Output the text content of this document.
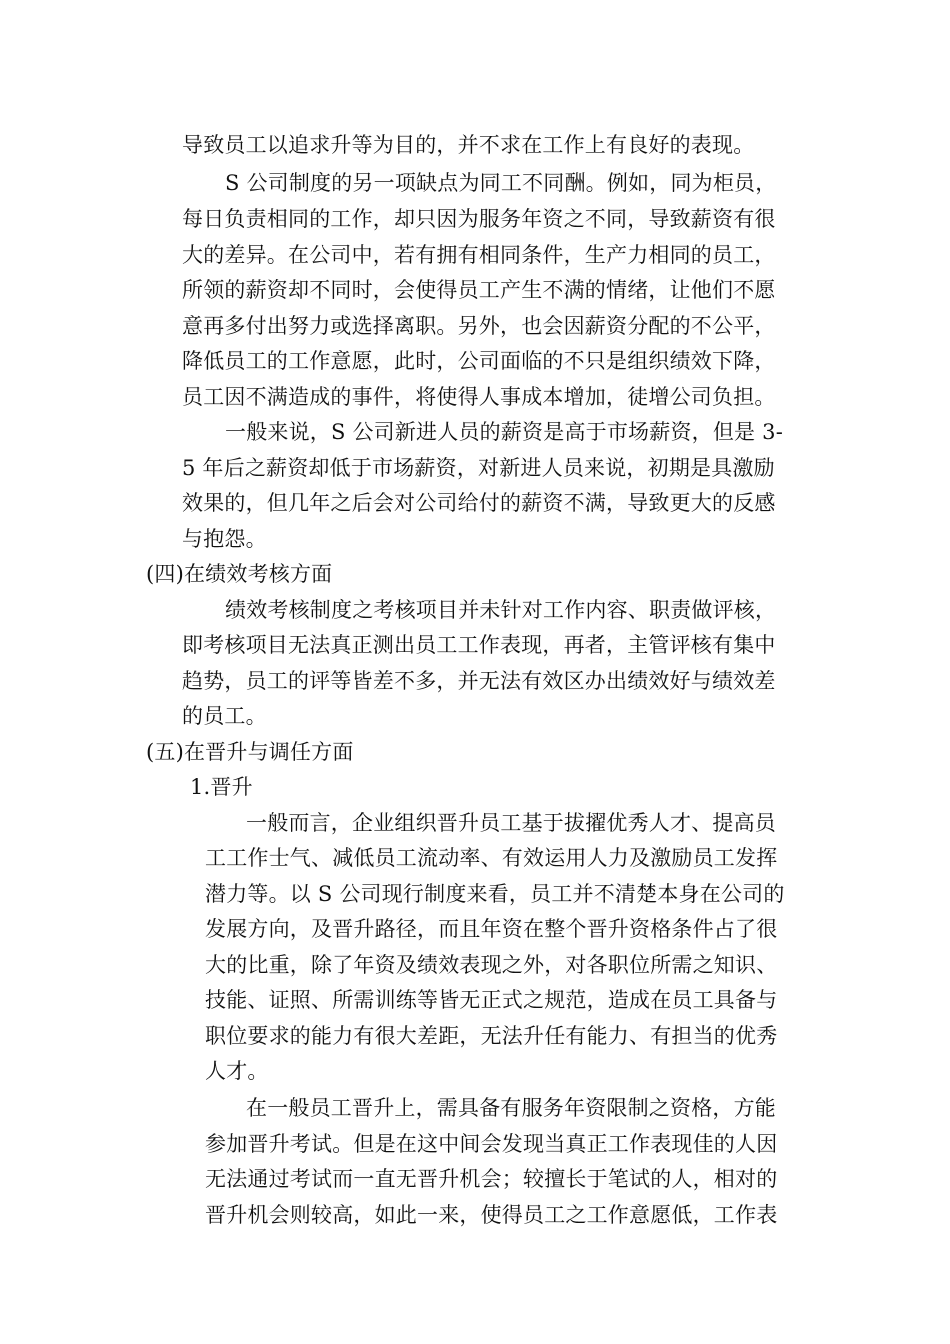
导致员工以追求升等为目的，并不求在工作上有良好的表现。
S 公司制度的另一项缺点为同工不同酬。例如，同为柜员，
每日负责相同的工作，却只因为服务年资之不同，导致薪资有很
大的差异。在公司中，若有拥有相同条件，生产力相同的员工，
所领的薪资却不同时，会使得员工产生不满的情绪，让他们不愿
意再多付出努力或选择离职。另外，也会因薪资分配的不公平，
降低员工的工作意愿，此时，公司面临的不只是组织绩效下降，
员工因不满造成的事件，将使得人事成本增加，徒增公司负担。
一般来说，S 公司新进人员的薪资是高于市场薪资，但是 3-
5 年后之薪资却低于市场薪资，对新进人员来说，初期是具激励
效果的，但几年之后会对公司给付的薪资不满，导致更大的反感
与抱怨。
(四)在绩效考核方面
绩效考核制度之考核项目并未针对工作内容、职责做评核，
即考核项目无法真正测出员工工作表现，再者，主管评核有集中
趋势，员工的评等皆差不多，并无法有效区办出绩效好与绩效差
的员工。
(五)在晋升与调任方面
1.晋升
一般而言，企业组织晋升员工基于拔擢优秀人才、提高员
工工作士气、减低员工流动率、有效运用人力及激励员工发挥
潜力等。以 S 公司现行制度来看，员工并不清楚本身在公司的
发展方向，及晋升路径，而且年资在整个晋升资格条件占了很
大的比重，除了年资及绩效表现之外，对各职位所需之知识、
技能、证照、所需训练等皆无正式之规范，造成在员工具备与
职位要求的能力有很大差距，无法升任有能力、有担当的优秀
人才。
在一般员工晋升上，需具备有服务年资限制之资格，方能
参加晋升考试。但是在这中间会发现当真正工作表现佳的人因
无法通过考试而一直无晋升机会；较擅长于笔试的人，相对的
晋升机会则较高，如此一来，使得员工之工作意愿低，工作表
